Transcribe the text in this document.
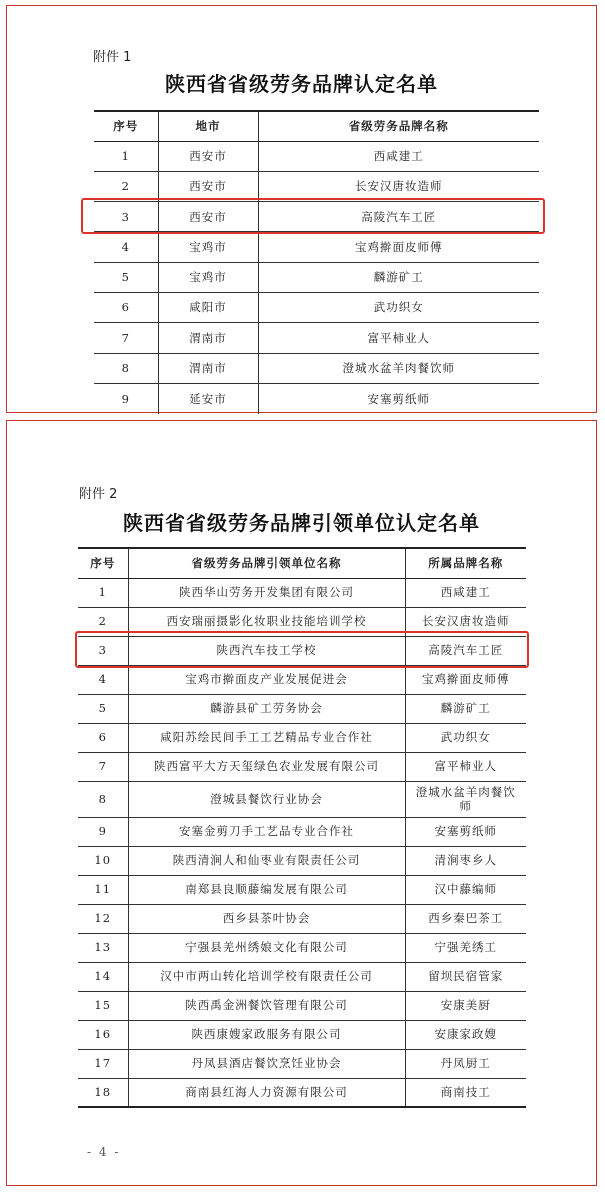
附件 1
陕西省省级劳务品牌认定名单
序号	地市	省级劳务品牌名称
1	西安市	西咸建工
2	西安市	长安汉唐妆造师
3	西安市	高陵汽车工匠
4	宝鸡市	宝鸡擀面皮师傅
5	宝鸡市	麟游矿工
6	咸阳市	武功织女
7	渭南市	富平柿业人
8	渭南市	澄城水盆羊肉餐饮师
9	延安市	安塞剪纸师
附件 2
陕西省省级劳务品牌引领单位认定名单
序号	省级劳务品牌引领单位名称	所属品牌名称
1	陕西华山劳务开发集团有限公司	西咸建工
2	西安瑞丽摄影化妆职业技能培训学校	长安汉唐妆造师
3	陕西汽车技工学校	高陵汽车工匠
4	宝鸡市擀面皮产业发展促进会	宝鸡擀面皮师傅
5	麟游县矿工劳务协会	麟游矿工
6	咸阳苏绘民间手工工艺精品专业合作社	武功织女
7	陕西富平大方天玺绿色农业发展有限公司	富平柿业人
8	澄城县餐饮行业协会	澄城水盆羊肉餐饮师
9	安塞金剪刀手工艺品专业合作社	安塞剪纸师
10	陕西清涧人和仙枣业有限责任公司	清涧枣乡人
11	南郑县良顺藤编发展有限公司	汉中藤编师
12	西乡县茶叶协会	西乡秦巴茶工
13	宁强县羌州绣娘文化有限公司	宁强羌绣工
14	汉中市两山转化培训学校有限责任公司	留坝民宿管家
15	陕西禹金洲餐饮管理有限公司	安康美厨
16	陕西康嫂家政服务有限公司	安康家政嫂
17	丹凤县酒店餐饮烹饪业协会	丹凤厨工
18	商南县红海人力资源有限公司	商南技工
- 4 -
